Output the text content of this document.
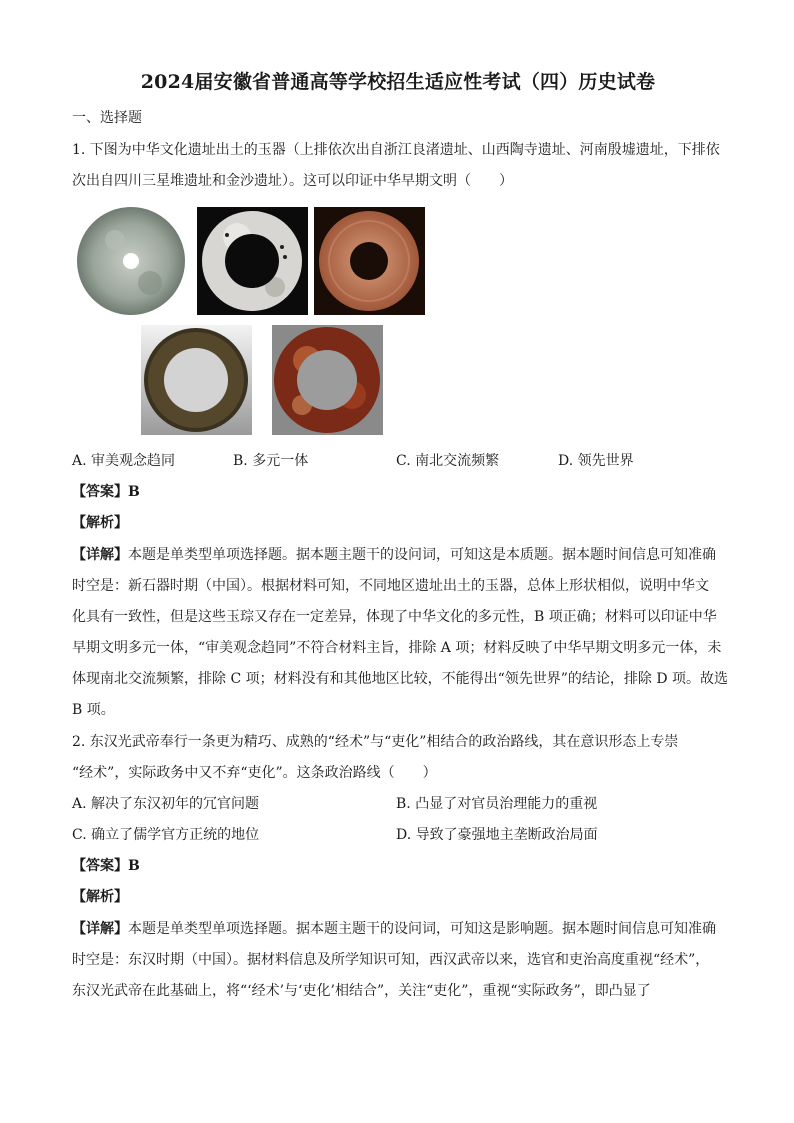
2024届安徽省普通高等学校招生适应性考试（四）历史试卷
一、选择题
1. 下图为中华文化遗址出土的玉器（上排依次出自浙江良渚遗址、山西陶寺遗址、河南殷墟遗址，下排依
次出自四川三星堆遗址和金沙遗址）。这可以印证中华早期文明（　　）
A. 审美观念趋同	B. 多元一体	C. 南北交流频繁	D. 领先世界
【答案】B
【解析】
【详解】本题是单类型单项选择题。据本题主题干的设问词，可知这是本质题。据本题时间信息可知准确
时空是：新石器时期（中国）。根据材料可知，不同地区遗址出土的玉器，总体上形状相似，说明中华文
化具有一致性，但是这些玉琮又存在一定差异，体现了中华文化的多元性，B 项正确；材料可以印证中华
早期文明多元一体，“审美观念趋同”不符合材料主旨，排除 A 项；材料反映了中华早期文明多元一体，未
体现南北交流频繁，排除 C 项；材料没有和其他地区比较，不能得出“领先世界”的结论，排除 D 项。故选
B 项。
2. 东汉光武帝奉行一条更为精巧、成熟的“经术”与“吏化”相结合的政治路线，其在意识形态上专崇
“经术”，实际政务中又不弃“吏化”。这条政治路线（　　）
A. 解决了东汉初年的冗官问题	B. 凸显了对官员治理能力的重视
C. 确立了儒学官方正统的地位	D. 导致了豪强地主垄断政治局面
【答案】B
【解析】
【详解】本题是单类型单项选择题。据本题主题干的设问词，可知这是影响题。据本题时间信息可知准确
时空是：东汉时期（中国）。据材料信息及所学知识可知，西汉武帝以来，选官和吏治高度重视“经术”，
东汉光武帝在此基础上，将“‘经术’与‘吏化’相结合”，关注“吏化”，重视“实际政务”，即凸显了
